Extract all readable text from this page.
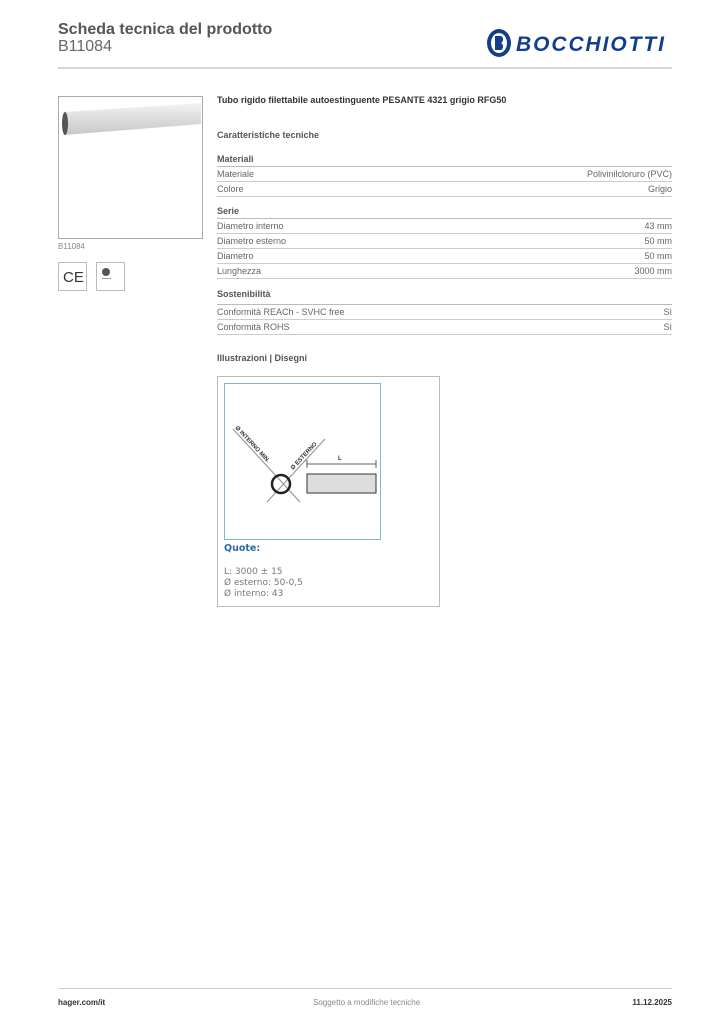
Scheda tecnica del prodotto
B11084	BOCCHIOTTI
B11084
CE
Tubo rigido filettabile autoestinguente PESANTE 4321 grigio RFG50
Caratteristiche tecniche
Materiali
Materiale	Polivinilcloruro (PVC)
Colore	Grigio
Serie
Diametro interno	43 mm
Diametro esterno	50 mm
Diametro	50 mm
Lunghezza	3000 mm
Sostenibilità
Conformità REACh - SVHC free	Sì
Conformità ROHS	Sì
Illustrazioni | Disegni
Ø INTERNO MIN.	Ø ESTERNO	L
Quote:
L: 3000 ± 15
Ø esterno: 50-0,5
Ø interno: 43
hager.com/it	Soggetto a modifiche tecniche	11.12.2025
